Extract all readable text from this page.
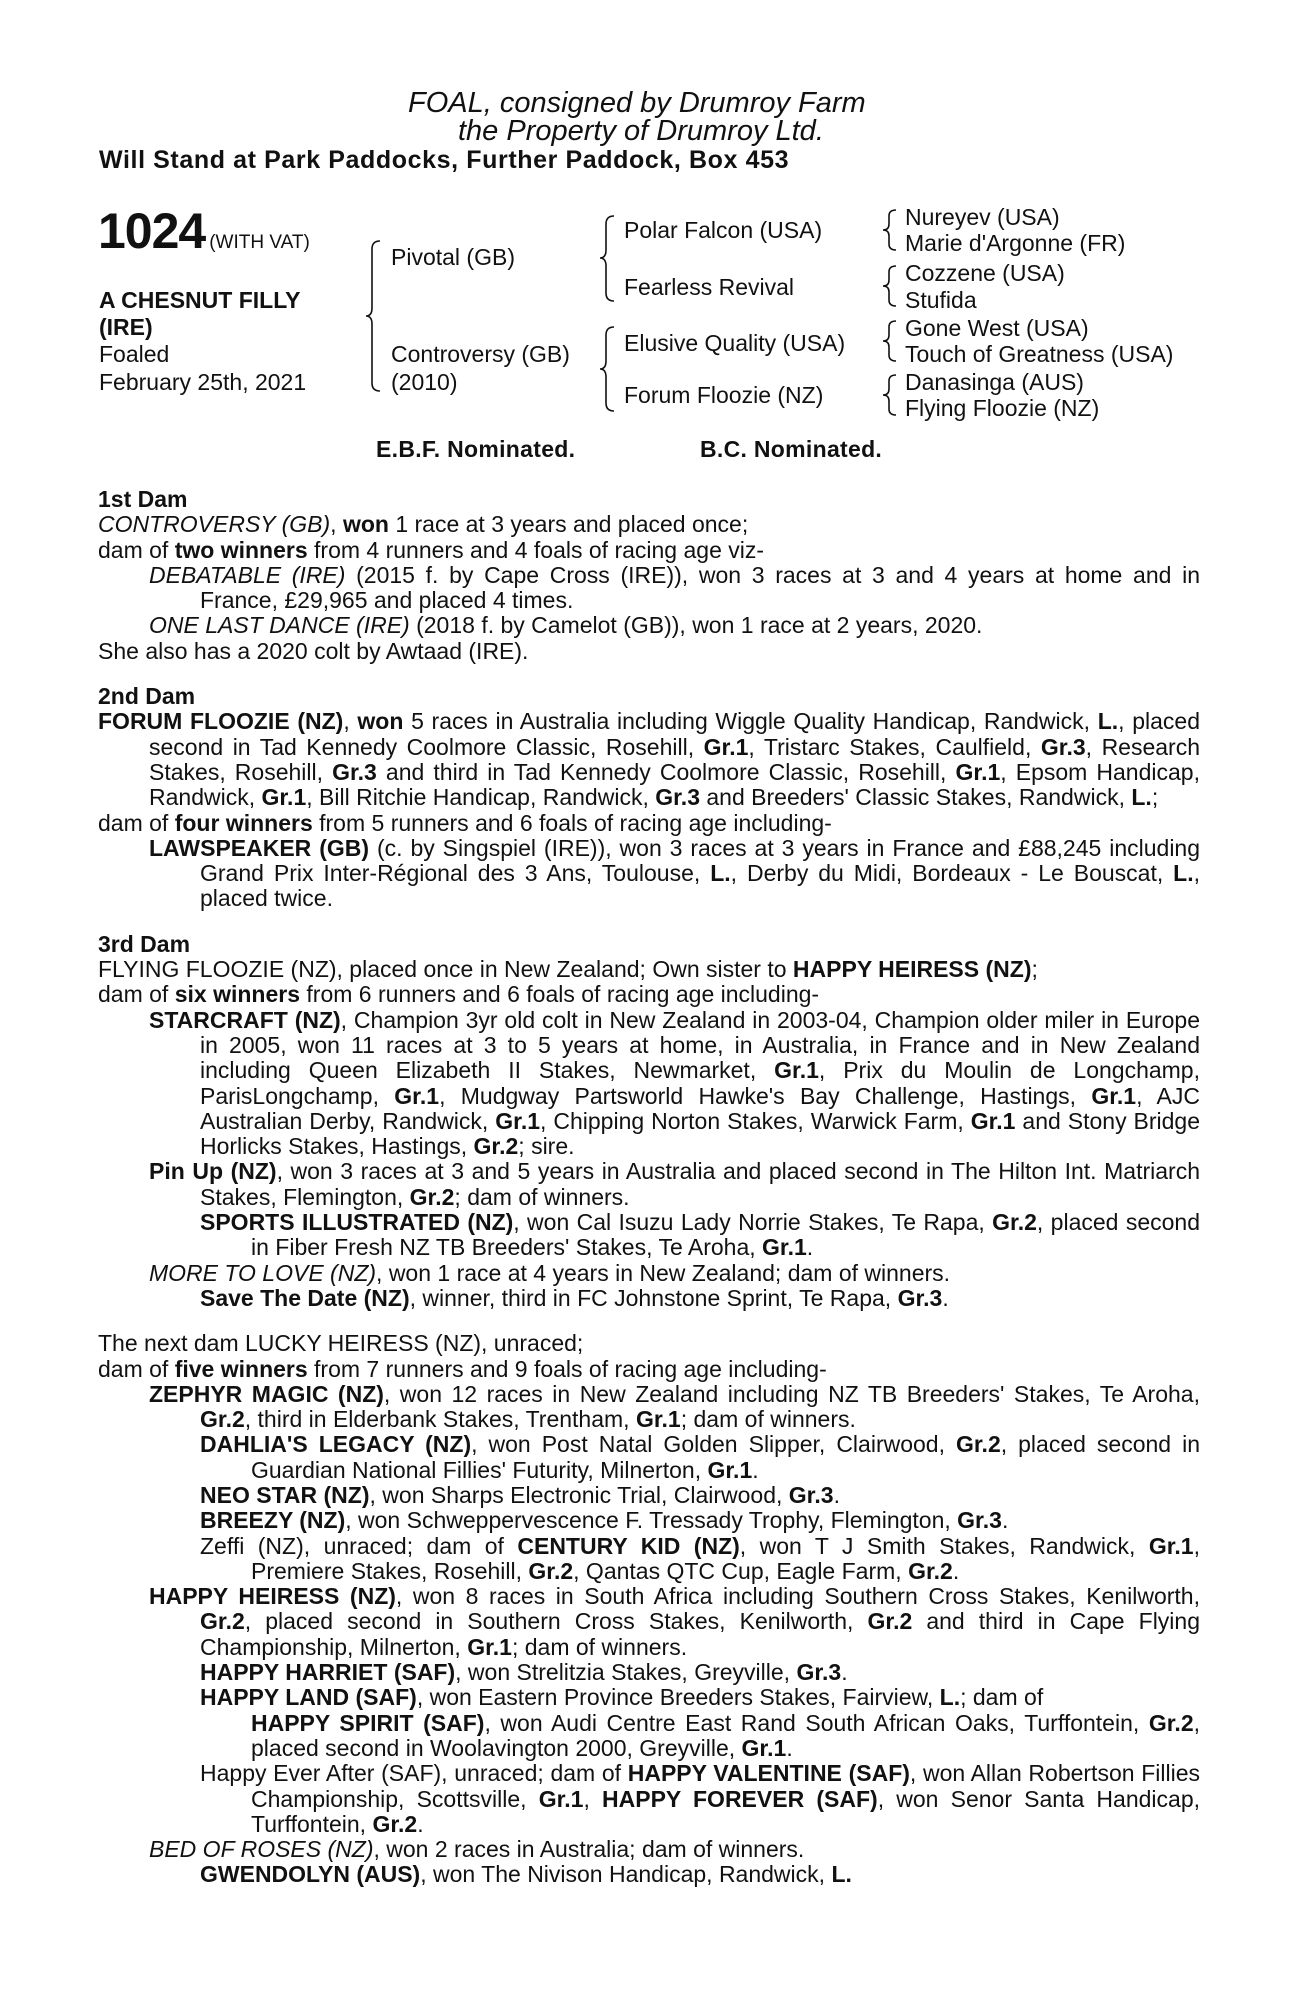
FOAL, consigned by Drumroy Farm
the Property of Drumroy Ltd.
Will Stand at Park Paddocks, Further Paddock, Box 453
1024 (WITH VAT)
A CHESNUT FILLY
(IRE)
Foaled
February 25th, 2021
Pivotal (GB)
Controversy (GB)
(2010)
Polar Falcon (USA)
Fearless Revival
Elusive Quality (USA)
Forum Floozie (NZ)
Nureyev (USA)
Marie d'Argonne (FR)
Cozzene (USA)
Stufida
Gone West (USA)
Touch of Greatness (USA)
Danasinga (AUS)
Flying Floozie (NZ)
E.B.F. Nominated.	B.C. Nominated.
1st Dam
CONTROVERSY (GB), won 1 race at 3 years and placed once;
dam of two winners from 4 runners and 4 foals of racing age viz-
DEBATABLE (IRE) (2015 f. by Cape Cross (IRE)), won 3 races at 3 and 4 years at home and in France, £29,965 and placed 4 times.
ONE LAST DANCE (IRE) (2018 f. by Camelot (GB)), won 1 race at 2 years, 2020.
She also has a 2020 colt by Awtaad (IRE).
2nd Dam
FORUM FLOOZIE (NZ), won 5 races in Australia including Wiggle Quality Handicap, Randwick, L., placed second in Tad Kennedy Coolmore Classic, Rosehill, Gr.1, Tristarc Stakes, Caulfield, Gr.3, Research Stakes, Rosehill, Gr.3 and third in Tad Kennedy Coolmore Classic, Rosehill, Gr.1, Epsom Handicap, Randwick, Gr.1, Bill Ritchie Handicap, Randwick, Gr.3 and Breeders' Classic Stakes, Randwick, L.;
dam of four winners from 5 runners and 6 foals of racing age including-
LAWSPEAKER (GB) (c. by Singspiel (IRE)), won 3 races at 3 years in France and £88,245 including Grand Prix Inter-Régional des 3 Ans, Toulouse, L., Derby du Midi, Bordeaux - Le Bouscat, L., placed twice.
3rd Dam
FLYING FLOOZIE (NZ), placed once in New Zealand; Own sister to HAPPY HEIRESS (NZ);
dam of six winners from 6 runners and 6 foals of racing age including-
STARCRAFT (NZ), Champion 3yr old colt in New Zealand in 2003-04, Champion older miler in Europe in 2005, won 11 races at 3 to 5 years at home, in Australia, in France and in New Zealand including Queen Elizabeth II Stakes, Newmarket, Gr.1, Prix du Moulin de Longchamp, ParisLongchamp, Gr.1, Mudgway Partsworld Hawke's Bay Challenge, Hastings, Gr.1, AJC Australian Derby, Randwick, Gr.1, Chipping Norton Stakes, Warwick Farm, Gr.1 and Stony Bridge Horlicks Stakes, Hastings, Gr.2; sire.
Pin Up (NZ), won 3 races at 3 and 5 years in Australia and placed second in The Hilton Int. Matriarch Stakes, Flemington, Gr.2; dam of winners.
SPORTS ILLUSTRATED (NZ), won Cal Isuzu Lady Norrie Stakes, Te Rapa, Gr.2, placed second in Fiber Fresh NZ TB Breeders' Stakes, Te Aroha, Gr.1.
MORE TO LOVE (NZ), won 1 race at 4 years in New Zealand; dam of winners.
Save The Date (NZ), winner, third in FC Johnstone Sprint, Te Rapa, Gr.3.
The next dam LUCKY HEIRESS (NZ), unraced;
dam of five winners from 7 runners and 9 foals of racing age including-
ZEPHYR MAGIC (NZ), won 12 races in New Zealand including NZ TB Breeders' Stakes, Te Aroha, Gr.2, third in Elderbank Stakes, Trentham, Gr.1; dam of winners.
DAHLIA'S LEGACY (NZ), won Post Natal Golden Slipper, Clairwood, Gr.2, placed second in Guardian National Fillies' Futurity, Milnerton, Gr.1.
NEO STAR (NZ), won Sharps Electronic Trial, Clairwood, Gr.3.
BREEZY (NZ), won Schweppervescence F. Tressady Trophy, Flemington, Gr.3.
Zeffi (NZ), unraced; dam of CENTURY KID (NZ), won T J Smith Stakes, Randwick, Gr.1, Premiere Stakes, Rosehill, Gr.2, Qantas QTC Cup, Eagle Farm, Gr.2.
HAPPY HEIRESS (NZ), won 8 races in South Africa including Southern Cross Stakes, Kenilworth, Gr.2, placed second in Southern Cross Stakes, Kenilworth, Gr.2 and third in Cape Flying Championship, Milnerton, Gr.1; dam of winners.
HAPPY HARRIET (SAF), won Strelitzia Stakes, Greyville, Gr.3.
HAPPY LAND (SAF), won Eastern Province Breeders Stakes, Fairview, L.; dam of
HAPPY SPIRIT (SAF), won Audi Centre East Rand South African Oaks, Turffontein, Gr.2, placed second in Woolavington 2000, Greyville, Gr.1.
Happy Ever After (SAF), unraced; dam of HAPPY VALENTINE (SAF), won Allan Robertson Fillies Championship, Scottsville, Gr.1, HAPPY FOREVER (SAF), won Senor Santa Handicap, Turffontein, Gr.2.
BED OF ROSES (NZ), won 2 races in Australia; dam of winners.
GWENDOLYN (AUS), won The Nivison Handicap, Randwick, L.
